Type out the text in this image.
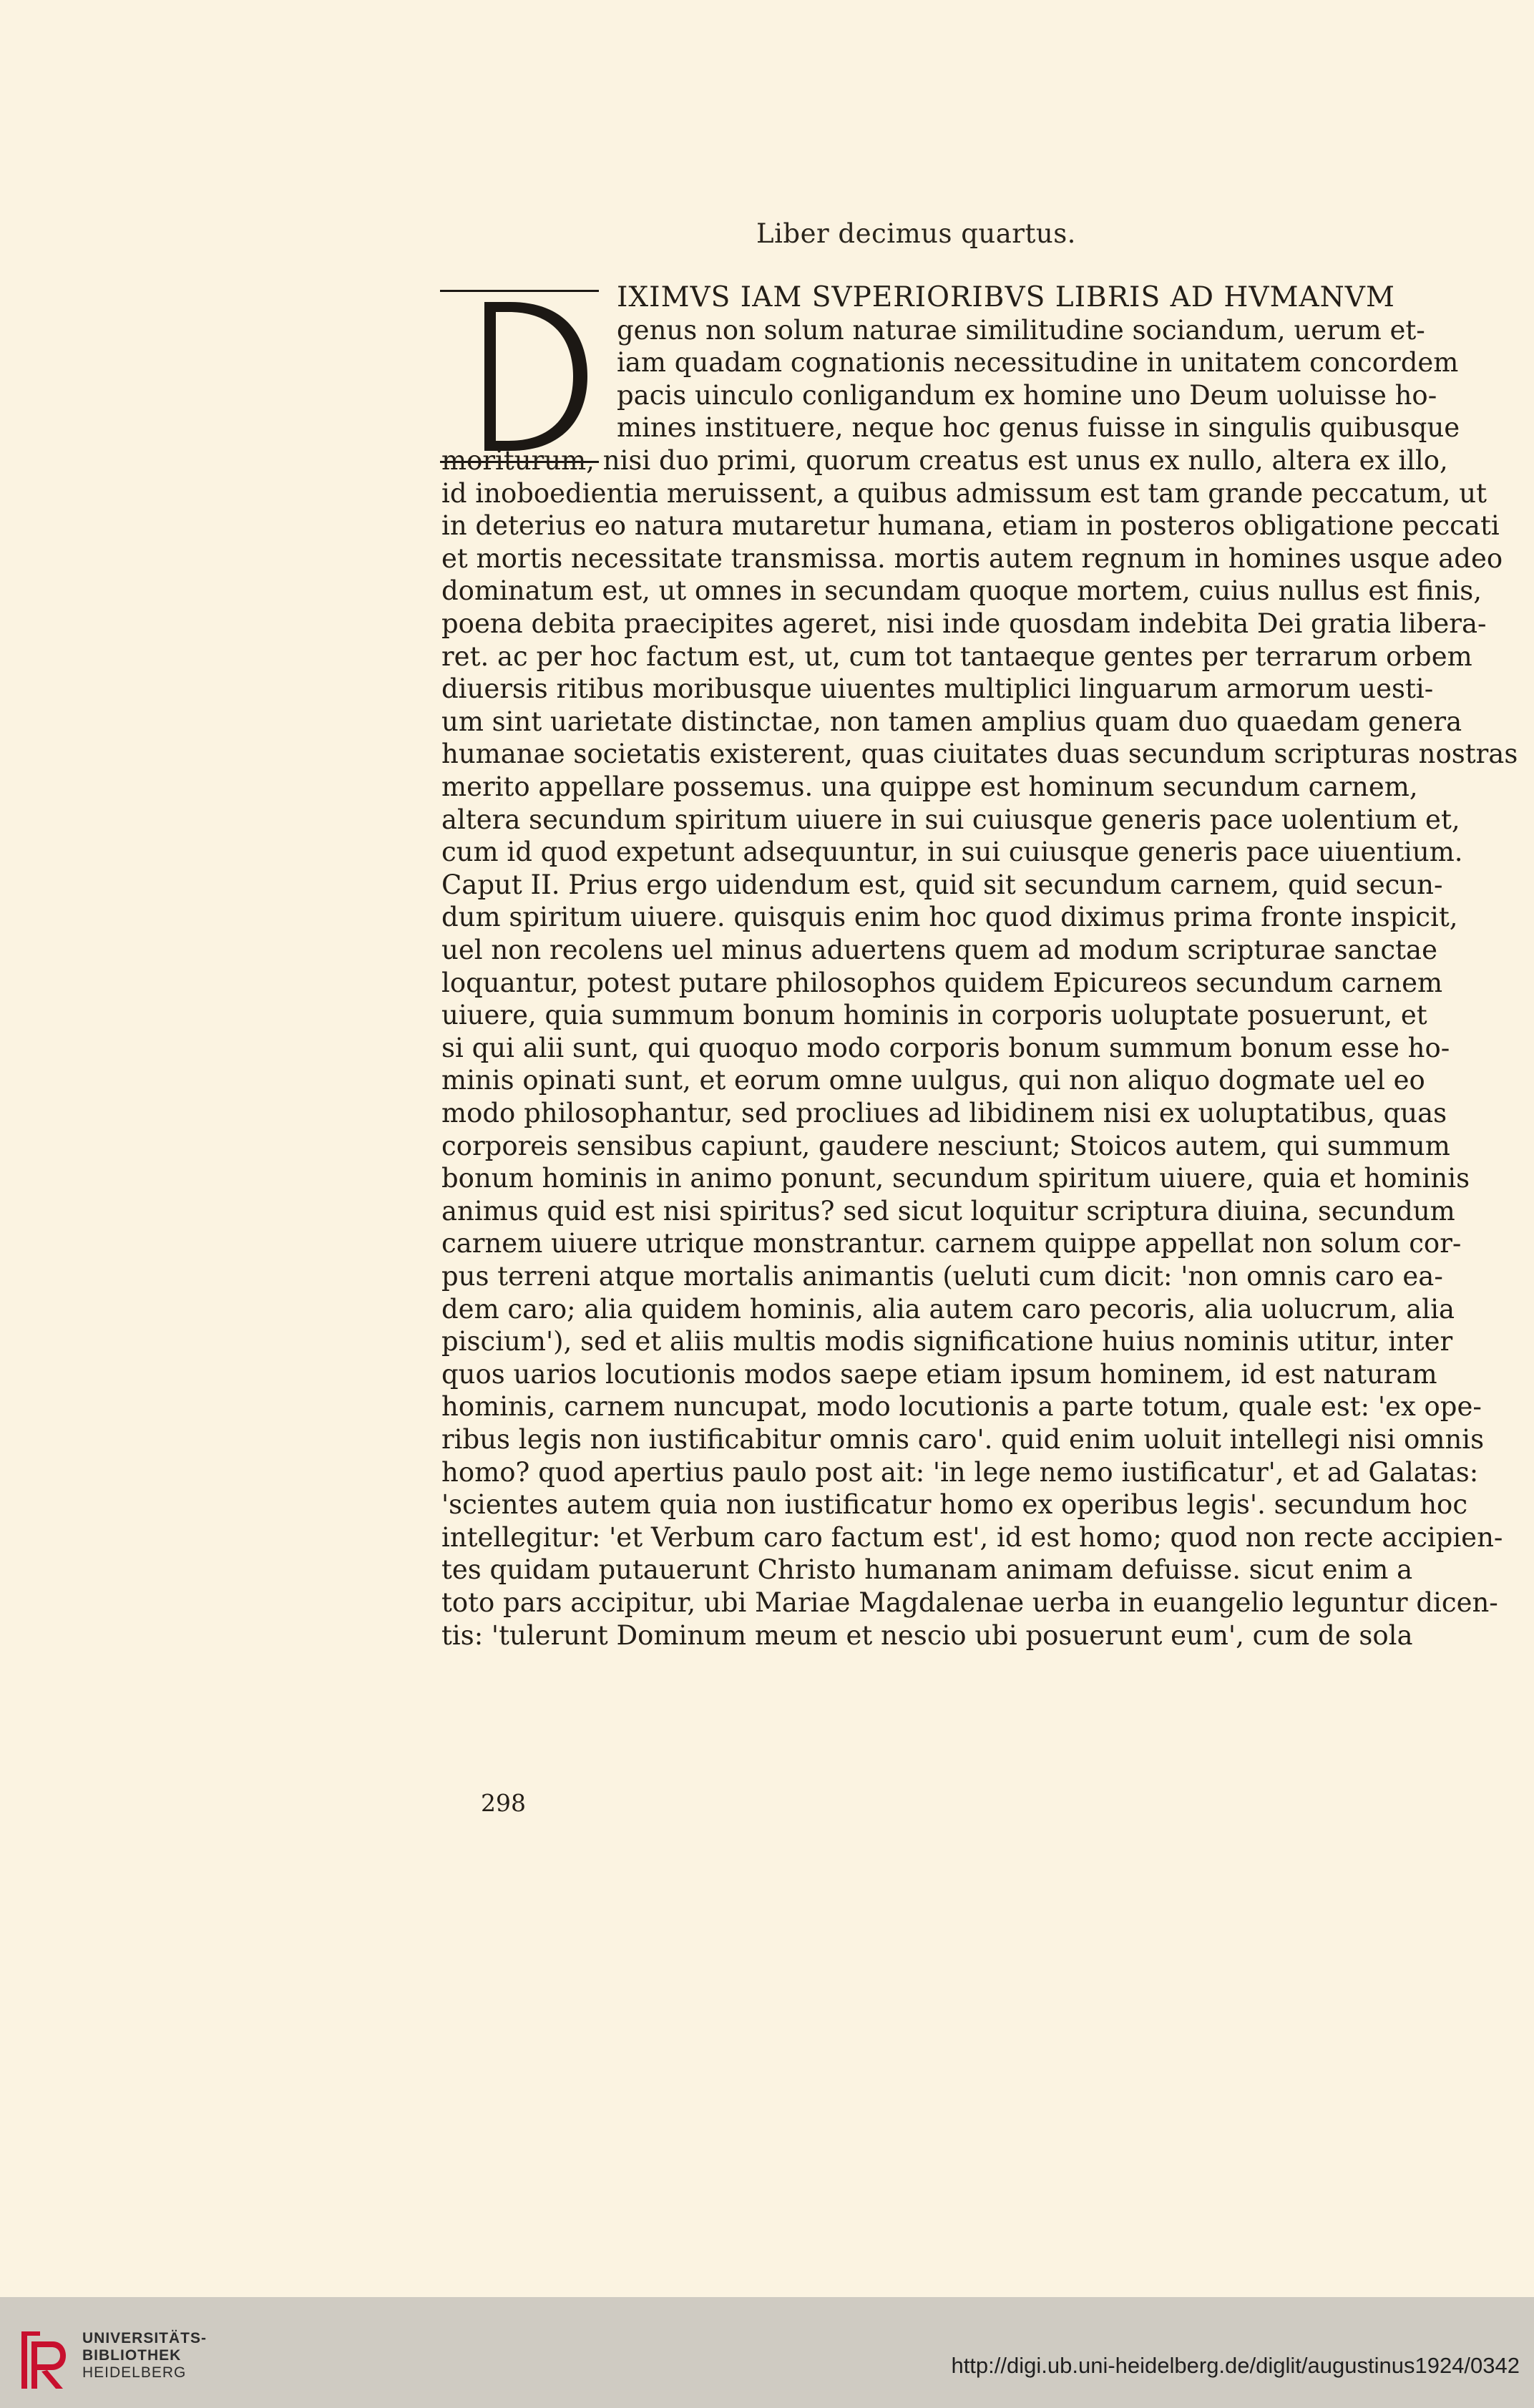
Liber decimus quartus.
IXIMVS IAM SVPERIORIBVS LIBRIS AD HVMANVM
genus non solum naturae similitudine sociandum, uerum et-
iam quadam cognationis necessitudine in unitatem concordem
pacis uinculo conligandum ex homine uno Deum uoluisse ho-
mines instituere, neque hoc genus fuisse in singulis quibusque
moriturum, nisi duo primi, quorum creatus est unus ex nullo, altera ex illo,
id inoboedientia meruissent, a quibus admissum est tam grande peccatum, ut
in deterius eo natura mutaretur humana, etiam in posteros obligatione peccati
et mortis necessitate transmissa. mortis autem regnum in homines usque adeo
dominatum est, ut omnes in secundam quoque mortem, cuius nullus est finis,
poena debita praecipites ageret, nisi inde quosdam indebita Dei gratia libera-
ret. ac per hoc factum est, ut, cum tot tantaeque gentes per terrarum orbem
diuersis ritibus moribusque uiuentes multiplici linguarum armorum uesti-
um sint uarietate distinctae, non tamen amplius quam duo quaedam genera
humanae societatis existerent, quas ciuitates duas secundum scripturas nostras
merito appellare possemus. una quippe est hominum secundum carnem,
altera secundum spiritum uiuere in sui cuiusque generis pace uolentium et,
cum id quod expetunt adsequuntur, in sui cuiusque generis pace uiuentium.
Caput II. Prius ergo uidendum est, quid sit secundum carnem, quid secun-
dum spiritum uiuere. quisquis enim hoc quod diximus prima fronte inspicit,
uel non recolens uel minus aduertens quem ad modum scripturae sanctae
loquantur, potest putare philosophos quidem Epicureos secundum carnem
uiuere, quia summum bonum hominis in corporis uoluptate posuerunt, et
si qui alii sunt, qui quoquo modo corporis bonum summum bonum esse ho-
minis opinati sunt, et eorum omne uulgus, qui non aliquo dogmate uel eo
modo philosophantur, sed procliues ad libidinem nisi ex uoluptatibus, quas
corporeis sensibus capiunt, gaudere nesciunt; Stoicos autem, qui summum
bonum hominis in animo ponunt, secundum spiritum uiuere, quia et hominis
animus quid est nisi spiritus? sed sicut loquitur scriptura diuina, secundum
carnem uiuere utrique monstrantur. carnem quippe appellat non solum cor-
pus terreni atque mortalis animantis (ueluti cum dicit: 'non omnis caro ea-
dem caro; alia quidem hominis, alia autem caro pecoris, alia uolucrum, alia
piscium'), sed et aliis multis modis significatione huius nominis utitur, inter
quos uarios locutionis modos saepe etiam ipsum hominem, id est naturam
hominis, carnem nuncupat, modo locutionis a parte totum, quale est: 'ex ope-
ribus legis non iustificabitur omnis caro'. quid enim uoluit intellegi nisi omnis
homo? quod apertius paulo post ait: 'in lege nemo iustificatur', et ad Galatas:
'scientes autem quia non iustificatur homo ex operibus legis'. secundum hoc
intellegitur: 'et Verbum caro factum est', id est homo; quod non recte accipien-
tes quidam putauerunt Christo humanam animam defuisse. sicut enim a
toto pars accipitur, ubi Mariae Magdalenae uerba in euangelio leguntur dicen-
tis: 'tulerunt Dominum meum et nescio ubi posuerunt eum', cum de sola
298
UNIVERSITÄTS-
BIBLIOTHEK
HEIDELBERG	http://digi.ub.uni-heidelberg.de/diglit/augustinus1924/0342
